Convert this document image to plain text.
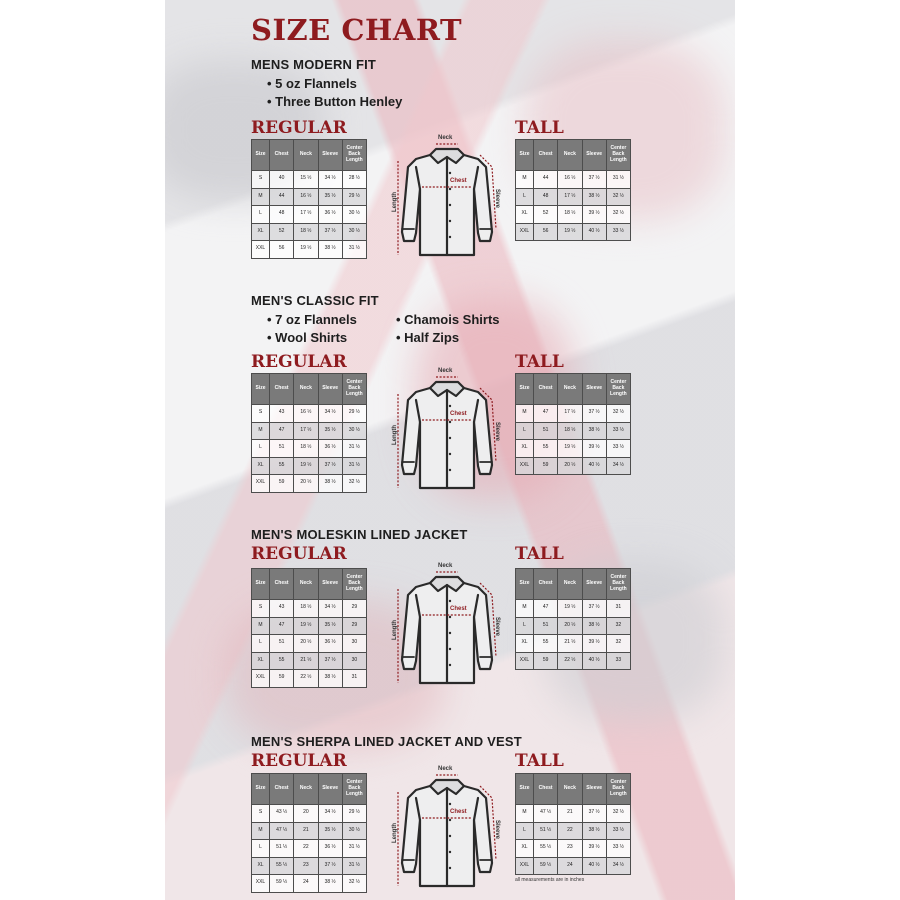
SIZE CHART
MENS MODERN FIT
• 5 oz Flannels
• Three Button Henley
REGULAR	TALL
Size	Chest	Neck	Sleeve	Center Back Length
S	40	15 ½	34 ½	28 ½
M	44	16 ½	35 ½	29 ½
L	48	17 ½	36 ½	30 ½
XL	52	18 ½	37 ½	30 ½
XXL	56	19 ½	38 ½	31 ½
Size	Chest	Neck	Sleeve	Center Back Length
M	44	16 ½	37 ½	31 ½
L	48	17 ½	38 ½	32 ½
XL	52	18 ½	39 ½	32 ½
XXL	56	19 ½	40 ½	33 ½
Neck
Chest
Length	Sleeve
MEN'S CLASSIC FIT
• 7 oz Flannels
• Wool Shirts
• Chamois Shirts
• Half Zips
REGULAR	TALL
Size	Chest	Neck	Sleeve	Center Back Length
S	43	16 ½	34 ½	29 ½
M	47	17 ½	35 ½	30 ½
L	51	18 ½	36 ½	31 ½
XL	55	19 ½	37 ½	31 ½
XXL	59	20 ½	38 ½	32 ½
Size	Chest	Neck	Sleeve	Center Back Length
M	47	17 ½	37 ½	32 ½
L	51	18 ½	38 ½	33 ½
XL	55	19 ½	39 ½	33 ½
XXL	59	20 ½	40 ½	34 ½
Neck
Chest
Length	Sleeve
MEN'S MOLESKIN LINED JACKET
REGULAR	TALL
Size	Chest	Neck	Sleeve	Center Back Length
S	43	18 ½	34 ½	29
M	47	19 ½	35 ½	29
L	51	20 ½	36 ½	30
XL	55	21 ½	37 ½	30
XXL	59	22 ½	38 ½	31
Size	Chest	Neck	Sleeve	Center Back Length
M	47	19 ½	37 ½	31
L	51	20 ½	38 ½	32
XL	55	21 ½	39 ½	32
XXL	59	22 ½	40 ½	33
Neck
Chest
Length	Sleeve
MEN'S SHERPA LINED JACKET AND VEST
REGULAR	TALL
Size	Chest	Neck	Sleeve	Center Back Length
S	43 ½	20	34 ½	29 ½
M	47 ½	21	35 ½	30 ½
L	51 ½	22	36 ½	31 ½
XL	55 ½	23	37 ½	31 ½
XXL	59 ½	24	38 ½	32 ½
Size	Chest	Neck	Sleeve	Center Back Length
M	47 ½	21	37 ½	32 ½
L	51 ½	22	38 ½	33 ½
XL	55 ½	23	39 ½	33 ½
XXL	59 ½	24	40 ½	34 ½
Neck
Chest
Length	Sleeve
all measurements are in inches
